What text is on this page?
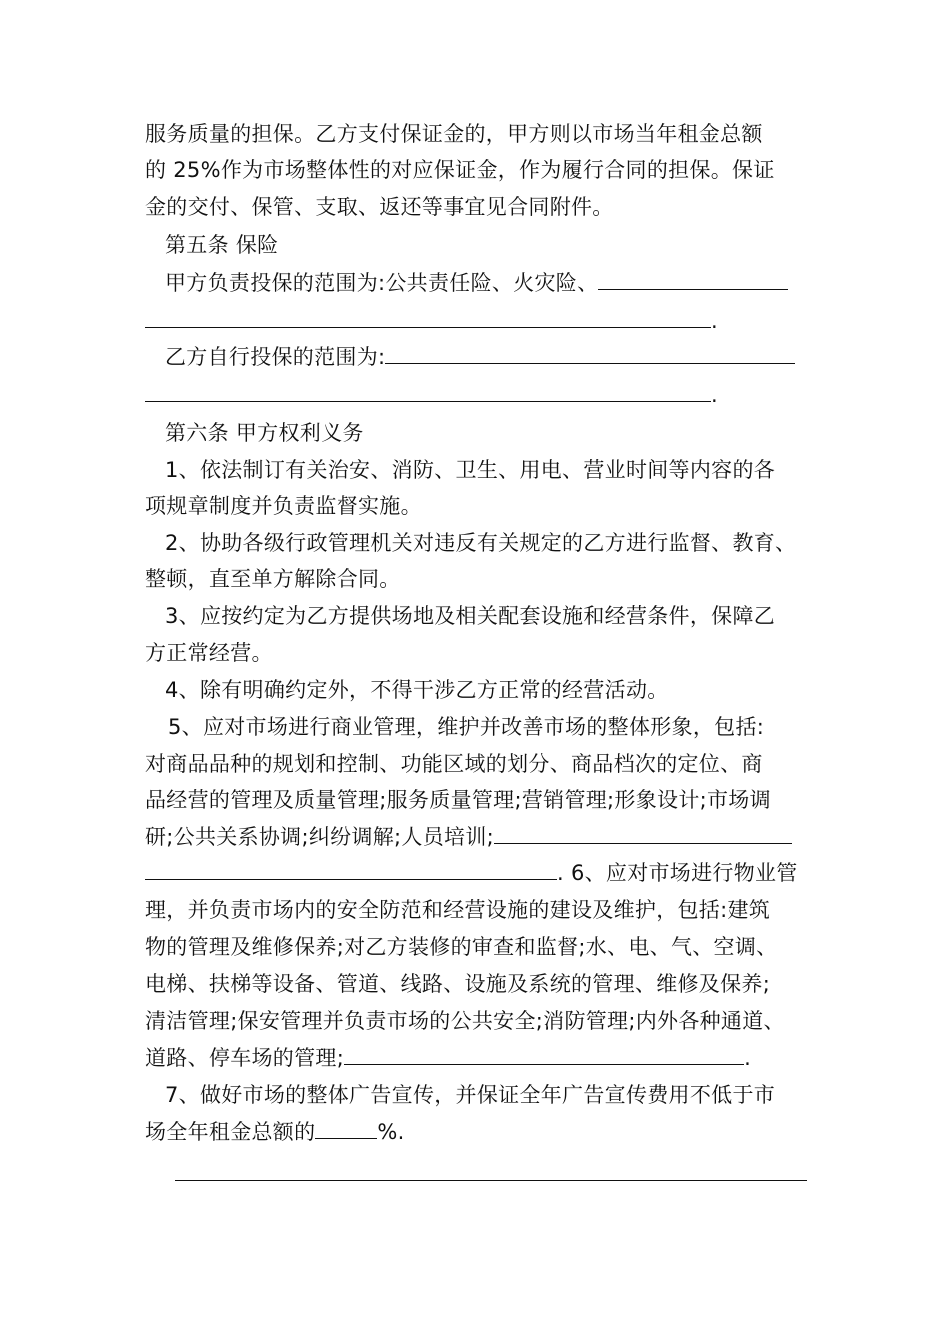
服务质量的担保。乙方支付保证金的，甲方则以市场当年租金总额
的 25%作为市场整体性的对应保证金，作为履行合同的担保。保证
金的交付、保管、支取、返还等事宜见合同附件。
第五条 保险
甲方负责投保的范围为:公共责任险、火灾险、
.
乙方自行投保的范围为:
.
第六条 甲方权利义务
1、依法制订有关治安、消防、卫生、用电、营业时间等内容的各
项规章制度并负责监督实施。
2、协助各级行政管理机关对违反有关规定的乙方进行监督、教育、
整顿，直至单方解除合同。
3、应按约定为乙方提供场地及相关配套设施和经营条件，保障乙
方正常经营。
4、除有明确约定外，不得干涉乙方正常的经营活动。
5、应对市场进行商业管理，维护并改善市场的整体形象，包括:
对商品品种的规划和控制、功能区域的划分、商品档次的定位、商
品经营的管理及质量管理;服务质量管理;营销管理;形象设计;市场调
研;公共关系协调;纠纷调解;人员培训;
. 6、应对市场进行物业管
理，并负责市场内的安全防范和经营设施的建设及维护，包括:建筑
物的管理及维修保养;对乙方装修的审查和监督;水、电、气、空调、
电梯、扶梯等设备、管道、线路、设施及系统的管理、维修及保养;
清洁管理;保安管理并负责市场的公共安全;消防管理;内外各种通道、
道路、停车场的管理;	.
7、做好市场的整体广告宣传，并保证全年广告宣传费用不低于市
场全年租金总额的	%.
